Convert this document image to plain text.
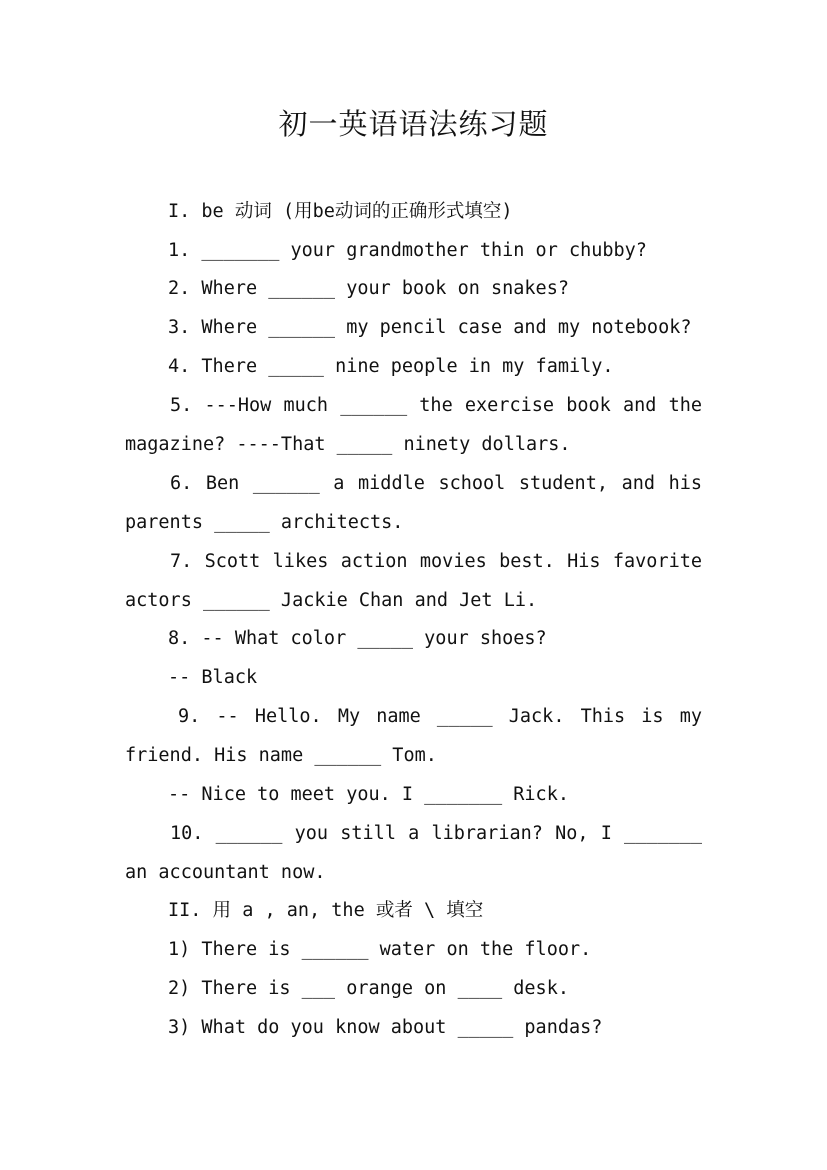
初一英语语法练习题
I. be 动词 (用be动词的正确形式填空)
1. _______ your grandmother thin or chubby?
2. Where ______ your book on snakes?
3. Where ______ my pencil case and my notebook?
4. There _____ nine people in my family.
5. ---How much ______ the exercise book and the
magazine? ----That _____ ninety dollars.
6. Ben ______ a middle school student, and his
parents _____ architects.
7. Scott likes action movies best. His favorite
actors ______ Jackie Chan and Jet Li.
8. -- What color _____ your shoes?
-- Black
9. -- Hello. My name _____ Jack. This is my
friend. His name ______ Tom.
-- Nice to meet you. I _______ Rick.
10. ______ you still a librarian? No, I _______
an accountant now.
II. 用 a , an, the 或者 \ 填空
1) There is ______ water on the floor.
2) There is ___ orange on ____ desk.
3) What do you know about _____ pandas?
